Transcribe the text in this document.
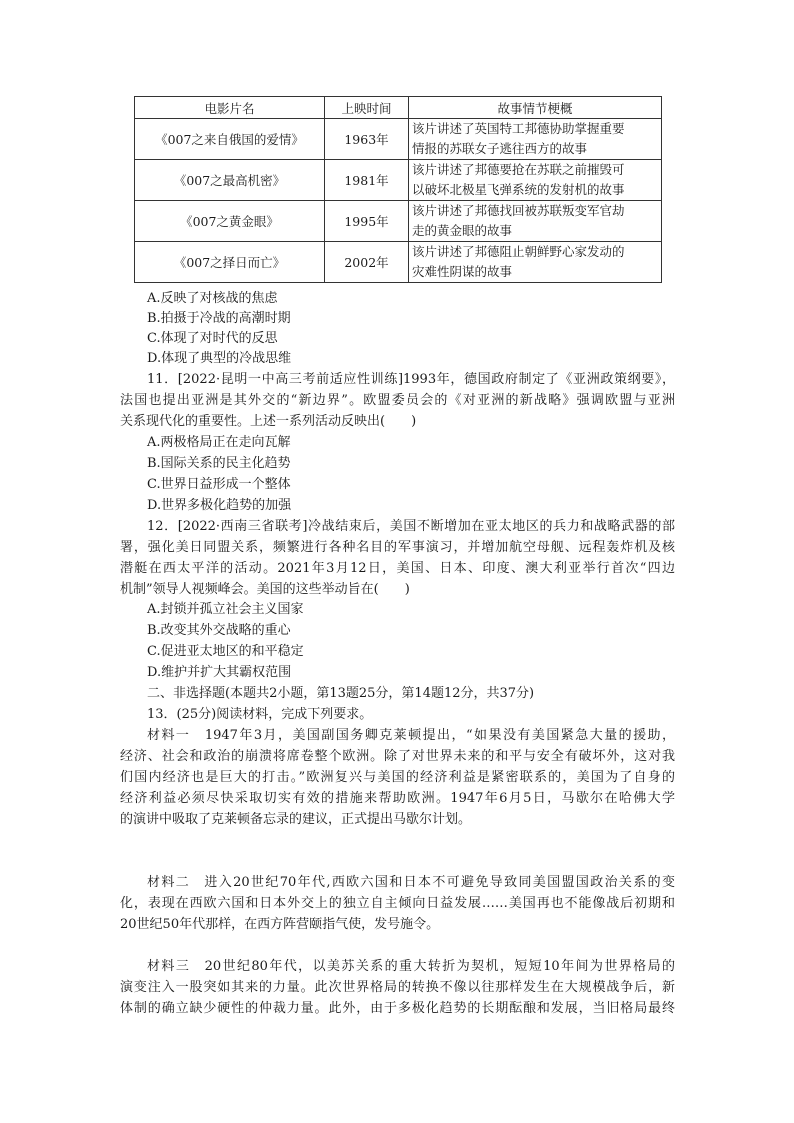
电影片名	上映时间	故事情节梗概
《007之来自俄国的爱情》	1963年	该片讲述了英国特工邦德协助掌握重要
情报的苏联女子逃往西方的故事
《007之最高机密》	1981年	该片讲述了邦德要抢在苏联之前摧毁可
以破坏北极星飞弹系统的发射机的故事
《007之黄金眼》	1995年	该片讲述了邦德找回被苏联叛变军官劫
走的黄金眼的故事
《007之择日而亡》	2002年	该片讲述了邦德阻止朝鲜野心家发动的
灾难性阴谋的故事
A.反映了对核战的焦虑
B.拍摄于冷战的高潮时期
C.体现了对时代的反思
D.体现了典型的冷战思维
11．[2022·昆明一中高三考前适应性训练]1993年，德国政府制定了《亚洲政策纲要》，
法国也提出亚洲是其外交的“新边界”。欧盟委员会的《对亚洲的新战略》强调欧盟与亚洲
关系现代化的重要性。上述一系列活动反映出(　　)
A.两极格局正在走向瓦解
B.国际关系的民主化趋势
C.世界日益形成一个整体
D.世界多极化趋势的加强
12．[2022·西南三省联考]冷战结束后，美国不断增加在亚太地区的兵力和战略武器的部
署，强化美日同盟关系，频繁进行各种名目的军事演习，并增加航空母舰、远程轰炸机及核
潜艇在西太平洋的活动。2021年3月12日，美国、日本、印度、澳大利亚举行首次“四边
机制”领导人视频峰会。美国的这些举动旨在(　　)
A.封锁并孤立社会主义国家
B.改变其外交战略的重心
C.促进亚太地区的和平稳定
D.维护并扩大其霸权范围
二、非选择题(本题共2小题，第13题25分，第14题12分，共37分)
13．(25分)阅读材料，完成下列要求。
材料一　1947年3月，美国副国务卿克莱顿提出，“如果没有美国紧急大量的援助，
经济、社会和政治的崩溃将席卷整个欧洲。除了对世界未来的和平与安全有破坏外，这对我
们国内经济也是巨大的打击。”欧洲复兴与美国的经济利益是紧密联系的，美国为了自身的
经济利益必须尽快采取切实有效的措施来帮助欧洲。1947年6月5日，马歇尔在哈佛大学
的演讲中吸取了克莱顿备忘录的建议，正式提出马歇尔计划。
材料二　进入20世纪70年代,西欧六国和日本不可避免导致同美国盟国政治关系的变
化，表现在西欧六国和日本外交上的独立自主倾向日益发展……美国再也不能像战后初期和
20世纪50年代那样，在西方阵营颐指气使，发号施令。
材料三　20世纪80年代，以美苏关系的重大转折为契机，短短10年间为世界格局的
演变注入一股突如其来的力量。此次世界格局的转换不像以往那样发生在大规模战争后，新
体制的确立缺少硬性的仲裁力量。此外，由于多极化趋势的长期酝酿和发展，当旧格局最终
